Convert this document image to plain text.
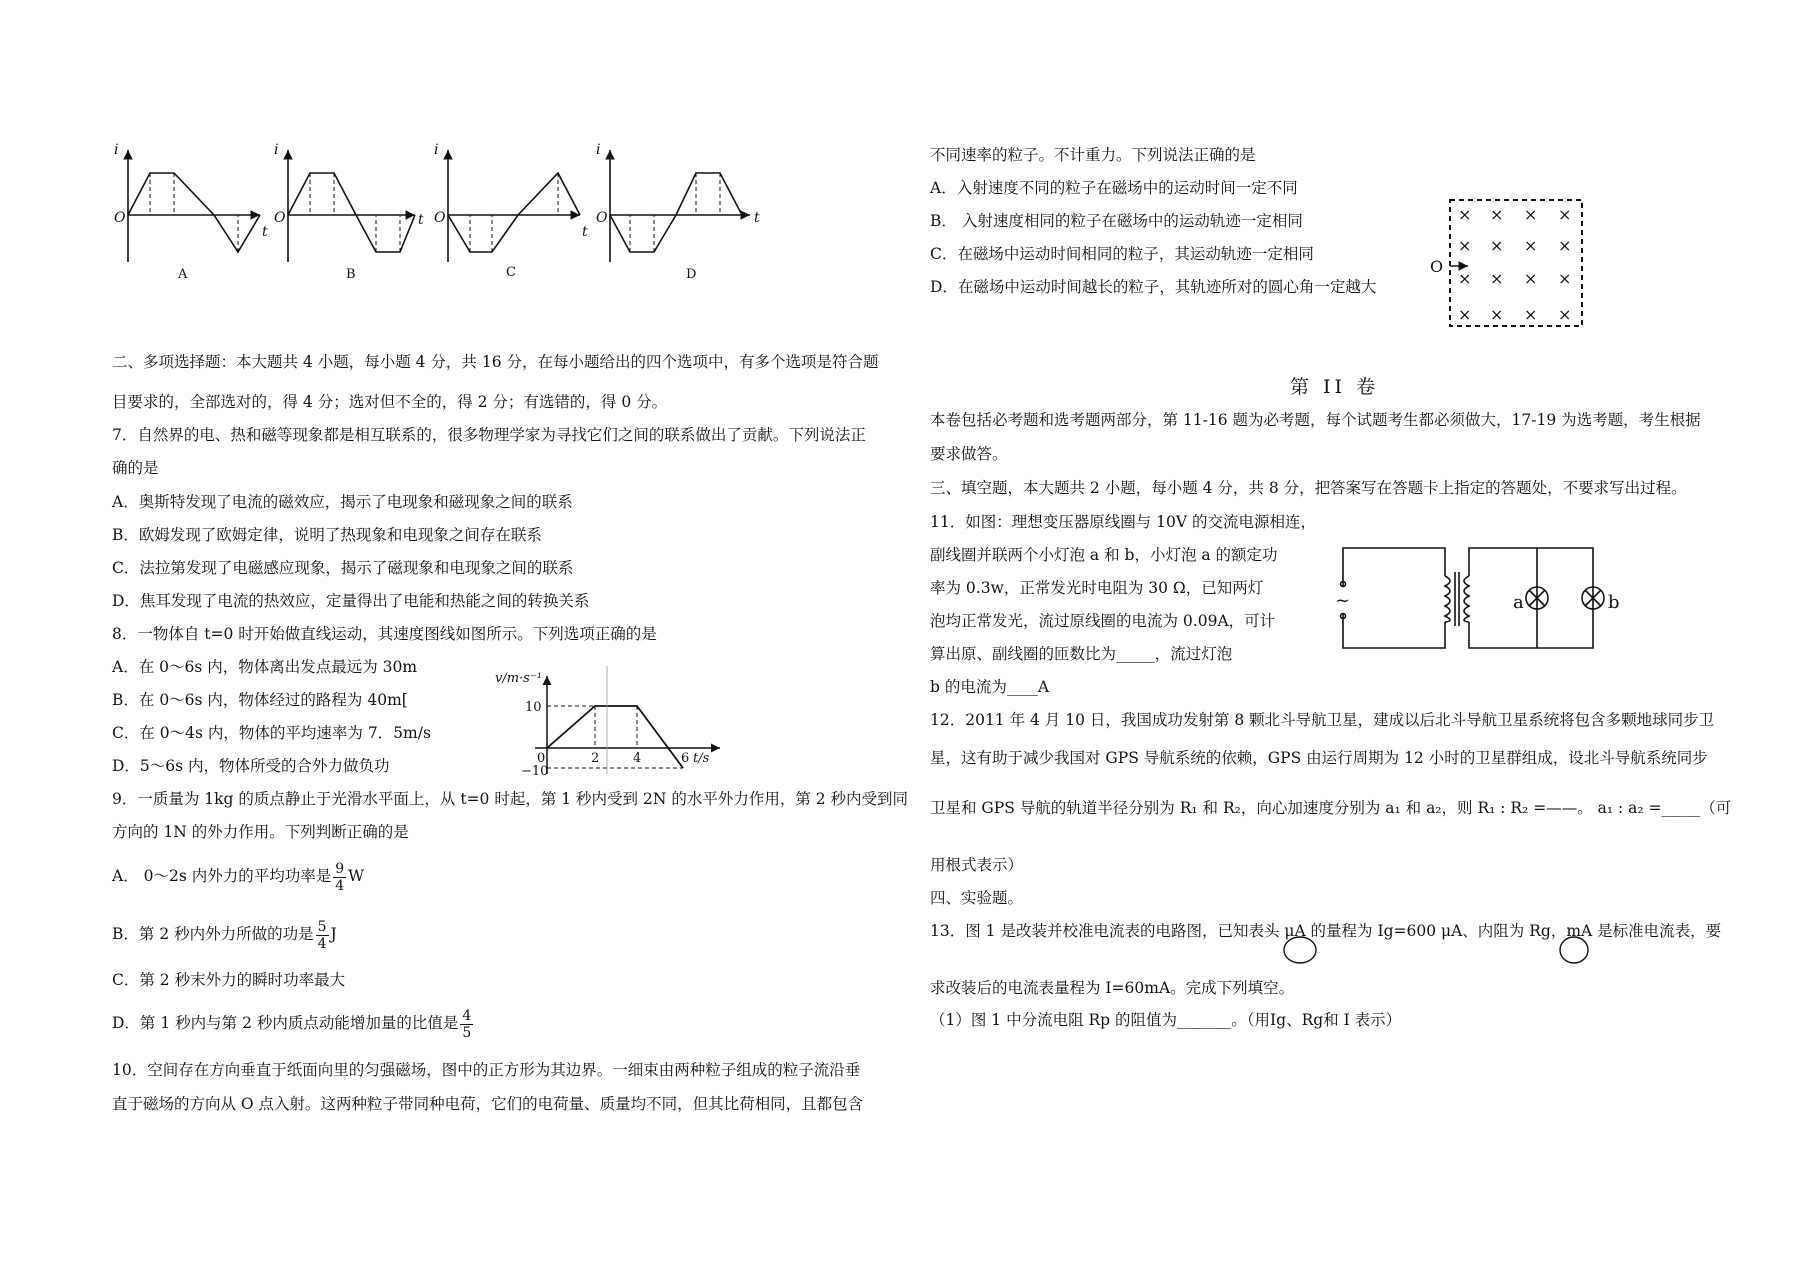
i
O
t
i
O	t
i
O
t
i
O	t
A	B	C	D
二、多项选择题：本大题共 4 小题，每小题 4 分，共 16 分，在每小题给出的四个选项中，有多个选项是符合题
目要求的，全部选对的，得 4 分；选对但不全的，得 2 分；有选错的，得 0 分。
7．自然界的电、热和磁等现象都是相互联系的，很多物理学家为寻找它们之间的联系做出了贡献。下列说法正
确的是
A．奥斯特发现了电流的磁效应，揭示了电现象和磁现象之间的联系
B．欧姆发现了欧姆定律，说明了热现象和电现象之间存在联系
C．法拉第发现了电磁感应现象，揭示了磁现象和电现象之间的联系
D．焦耳发现了电流的热效应，定量得出了电能和热能之间的转换关系
8．一物体自 t=0 时开始做直线运动，其速度图线如图所示。下列选项正确的是
A．在 0～6s 内，物体离出发点最远为 30m
B．在 0～6s 内，物体经过的路程为 40m[
C．在 0～4s 内，物体的平均速率为 7．5m/s
D．5～6s 内，物体所受的合外力做负功
v/m·s⁻¹
10
−10
0	2	4	6 t/s
9．一质量为 1kg 的质点静止于光滑水平面上，从 t=0 时起，第 1 秒内受到 2N 的水平外力作用，第 2 秒内受到同
方向的 1N 的外力作用。下列判断正确的是
A． 0～2s 内外力的平均功率是 $\frac{9}{4}$ W
B．第 2 秒内外力所做的功是 $\frac{5}{4}$ J
C．第 2 秒末外力的瞬时功率最大
D．第 1 秒内与第 2 秒内质点动能增加量的比值是 $\frac{4}{5}$
10．空间存在方向垂直于纸面向里的匀强磁场，图中的正方形为其边界。一细束由两种粒子组成的粒子流沿垂
直于磁场的方向从 O 点入射。这两种粒子带同种电荷，它们的电荷量、质量均不同，但其比荷相同，且都包含
不同速率的粒子。不计重力。下列说法正确的是
A．入射速度不同的粒子在磁场中的运动时间一定不同
B． 入射速度相同的粒子在磁场中的运动轨迹一定相同
C．在磁场中运动时间相同的粒子，其运动轨迹一定相同
D．在磁场中运动时间越长的粒子，其轨迹所对的圆心角一定越大
× × × ×
× × × ×
× × × ×
× × × ×
O
第 II 卷
本卷包括必考题和选考题两部分，第 11-16 题为必考题，每个试题考生都必须做大，17-19 为选考题，考生根据
要求做答。
三、填空题，本大题共 2 小题，每小题 4 分，共 8 分，把答案写在答题卡上指定的答题处，不要求写出过程。
11．如图：理想变压器原线圈与 10V 的交流电源相连，
副线圈并联两个小灯泡 a 和 b，小灯泡 a 的额定功
率为 0.3w，正常发光时电阻为 30 Ω，已知两灯
泡均正常发光，流过原线圈的电流为 0.09A，可计
算出原、副线圈的匝数比为_____，流过灯泡
b 的电流为____A
~	a	b
12．2011 年 4 月 10 日，我国成功发射第 8 颗北斗导航卫星，建成以后北斗导航卫星系统将包含多颗地球同步卫
星，这有助于减少我国对 GPS 导航系统的依赖，GPS 由运行周期为 12 小时的卫星群组成，设北斗导航系统同步
卫星和 GPS 导航的轨道半径分别为 R₁ 和 R₂，向心加速度分别为 a₁ 和 a₂，则 R₁ : R₂ =——。 a₁ : a₂ =_____（可
用根式表示）
四、实验题。
13．图 1 是改装并校准电流表的电路图，已知表头 μA 的量程为 Ig=600 μA、内阻为 Rg，mA 是标准电流表，要
求改装后的电流表量程为 I=60mA。完成下列填空。
（1）图 1 中分流电阻 Rp 的阻值为_______。（用Ig、Rg和 I 表示）
